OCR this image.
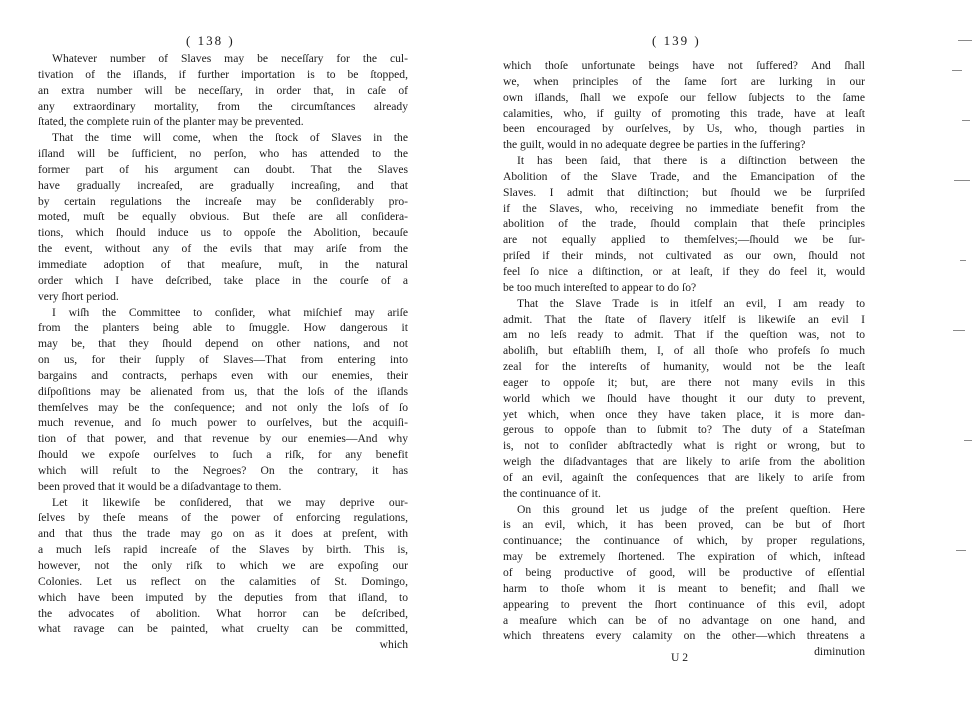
( 138 )
Whatever number of Slaves may be neceſſary for the cul-
tivation of the iſlands, if further importation is to be ſtopped,
an extra number will be neceſſary, in order that, in caſe of
any extraordinary mortality, from the circumſtances already
ſtated, the complete ruin of the planter may be prevented.
That the time will come, when the ſtock of Slaves in the
iſland will be ſufficient, no perſon, who has attended to the
former part of his argument can doubt. That the Slaves
have gradually increaſed, are gradually increaſing, and that
by certain regulations the increaſe may be conſiderably pro-
moted, muſt be equally obvious. But theſe are all conſidera-
tions, which ſhould induce us to oppoſe the Abolition, becauſe
the event, without any of the evils that may ariſe from the
immediate adoption of that meaſure, muſt, in the natural
order which I have deſcribed, take place in the courſe of a
very ſhort period.
I wiſh the Committee to conſider, what miſchief may ariſe
from the planters being able to ſmuggle. How dangerous it
may be, that they ſhould depend on other nations, and not
on us, for their ſupply of Slaves—That from entering into
bargains and contracts, perhaps even with our enemies, their
diſpoſitions may be alienated from us, that the loſs of the iſlands
themſelves may be the conſequence; and not only the loſs of ſo
much revenue, and ſo much power to ourſelves, but the acquiſi-
tion of that power, and that revenue by our enemies—And why
ſhould we expoſe ourſelves to ſuch a riſk, for any benefit
which will reſult to the Negroes? On the contrary, it has
been proved that it would be a diſadvantage to them.
Let it likewiſe be conſidered, that we may deprive our-
ſelves by theſe means of the power of enforcing regulations,
and that thus the trade may go on as it does at preſent, with
a much leſs rapid increaſe of the Slaves by birth. This is,
however, not the only riſk to which we are expoſing our
Colonies. Let us reflect on the calamities of St. Domingo,
which have been imputed by the deputies from that iſland, to
the advocates of abolition. What horror can be deſcribed,
what ravage can be painted, what cruelty can be committed,
which
( 139 )
which thoſe unfortunate beings have not ſuffered? And ſhall
we, when principles of the ſame ſort are lurking in our
own iſlands, ſhall we expoſe our fellow ſubjects to the ſame
calamities, who, if guilty of promoting this trade, have at leaſt
been encouraged by ourſelves, by Us, who, though parties in
the guilt, would in no adequate degree be parties in the ſuffering?
It has been ſaid, that there is a diſtinction between the
Abolition of the Slave Trade, and the Emancipation of the
Slaves. I admit that diſtinction; but ſhould we be ſurpriſed
if the Slaves, who, receiving no immediate benefit from the
abolition of the trade, ſhould complain that theſe principles
are not equally applied to themſelves;—ſhould we be ſur-
priſed if their minds, not cultivated as our own, ſhould not
feel ſo nice a diſtinction, or at leaſt, if they do feel it, would
be too much intereſted to appear to do ſo?
That the Slave Trade is in itſelf an evil, I am ready to
admit. That the ſtate of ſlavery itſelf is likewiſe an evil I
am no leſs ready to admit. That if the queſtion was, not to
aboliſh, but eſtabliſh them, I, of all thoſe who profeſs ſo much
zeal for the intereſts of humanity, would not be the leaſt
eager to oppoſe it; but, are there not many evils in this
world which we ſhould have thought it our duty to prevent,
yet which, when once they have taken place, it is more dan-
gerous to oppoſe than to ſubmit to? The duty of a Stateſman
is, not to conſider abſtractedly what is right or wrong, but to
weigh the diſadvantages that are likely to ariſe from the abolition
of an evil, againſt the conſequences that are likely to ariſe from
the continuance of it.
On this ground let us judge of the preſent queſtion. Here
is an evil, which, it has been proved, can be but of ſhort
continuance; the continuance of which, by proper regulations,
may be extremely ſhortened. The expiration of which, inſtead
of being productive of good, will be productive of eſſential
harm to thoſe whom it is meant to benefit; and ſhall we
appearing to prevent the ſhort continuance of this evil, adopt
a meaſure which can be of no advantage on one hand, and
which threatens every calamity on the other—which threatens a
diminution
U 2
